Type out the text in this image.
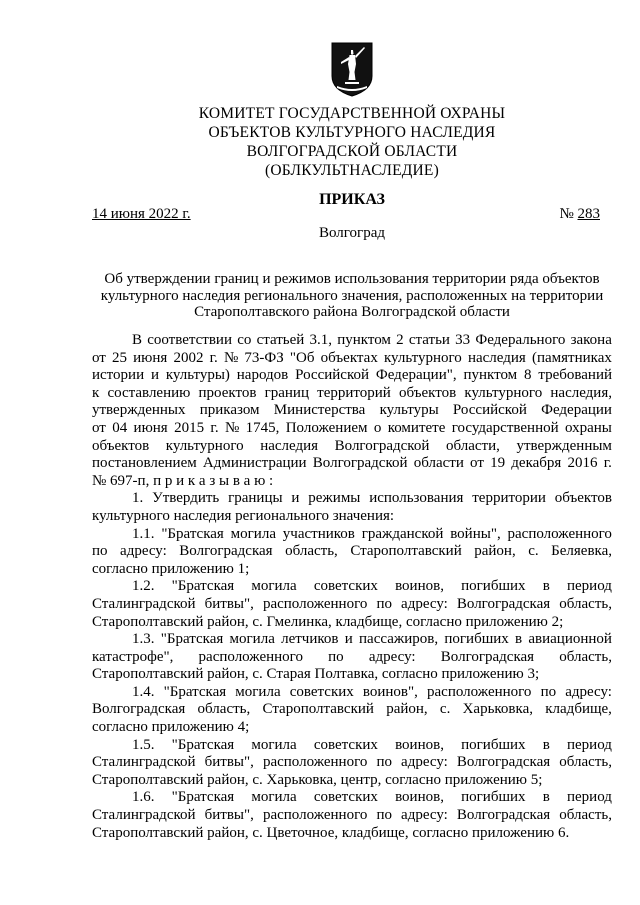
КОМИТЕТ ГОСУДАРСТВЕННОЙ ОХРАНЫ
ОБЪЕКТОВ КУЛЬТУРНОГО НАСЛЕДИЯ
ВОЛГОГРАДСКОЙ ОБЛАСТИ
(ОБЛКУЛЬТНАСЛЕДИЕ)
ПРИКАЗ
14 июня 2022 г.	№ 283
Волгоград
Об утверждении границ и режимов использования территории ряда объектов
культурного наследия регионального значения, расположенных на территории
Старополтавского района Волгоградской области
В соответствии со статьей 3.1, пунктом 2 статьи 33 Федерального закона
от 25 июня 2002 г. № 73-ФЗ "Об объектах культурного наследия (памятниках
истории и культуры) народов Российской Федерации", пунктом 8 требований
к составлению проектов границ территорий объектов культурного наследия,
утвержденных приказом Министерства культуры Российской Федерации
от 04 июня 2015 г. № 1745, Положением о комитете государственной охраны
объектов культурного наследия Волгоградской области, утвержденным
постановлением Администрации Волгоградской области от 19 декабря 2016 г.
№ 697-п, п р и к а з ы в а ю :
1. Утвердить границы и режимы использования территории объектов
культурного наследия регионального значения:
1.1. "Братская могила участников гражданской войны", расположенного
по адресу: Волгоградская область, Старополтавский район, с. Беляевка,
согласно приложению 1;
1.2. "Братская могила советских воинов, погибших в период
Сталинградской битвы", расположенного по адресу: Волгоградская область,
Старополтавский район, с. Гмелинка, кладбище, согласно приложению 2;
1.3. "Братская могила летчиков и пассажиров, погибших в авиационной
катастрофе", расположенного по адресу: Волгоградская область,
Старополтавский район, с. Старая Полтавка, согласно приложению 3;
1.4. "Братская могила советских воинов", расположенного по адресу:
Волгоградская область, Старополтавский район, с. Харьковка, кладбище,
согласно приложению 4;
1.5. "Братская могила советских воинов, погибших в период
Сталинградской битвы", расположенного по адресу: Волгоградская область,
Старополтавский район, с. Харьковка, центр, согласно приложению 5;
1.6. "Братская могила советских воинов, погибших в период
Сталинградской битвы", расположенного по адресу: Волгоградская область,
Старополтавский район, с. Цветочное, кладбище, согласно приложению 6.
